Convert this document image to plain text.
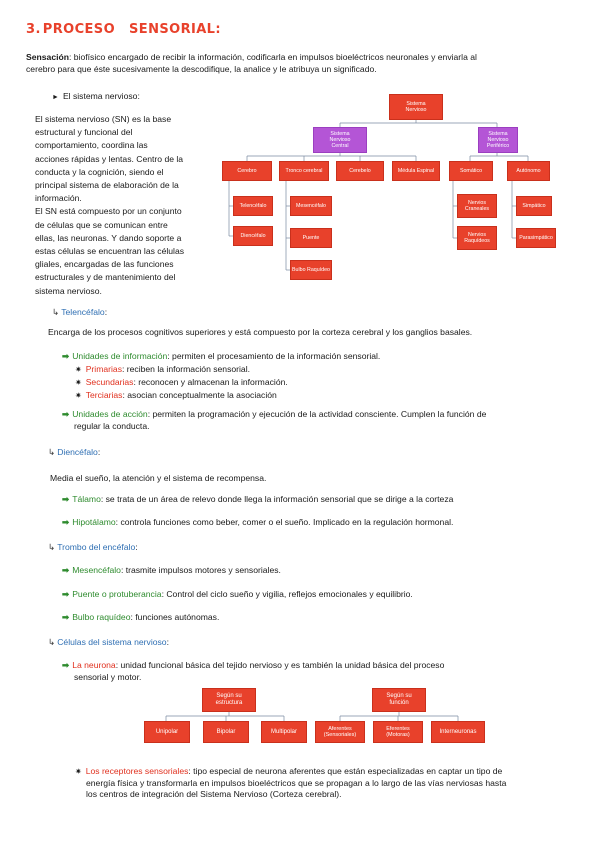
3. PROCESO SENSORIAL:
Sensación: biofísico encargado de recibir la información, codificarla en impulsos bioeléctricos neuronales y enviarla al
cerebro para que éste sucesivamente la descodifique, la analice y le atribuya un significado.
► El sistema nervioso:
El sistema nervioso (SN) es la base
estructural y funcional del
comportamiento, coordina las
acciones rápidas y lentas. Centro de la
conducta y la cognición, siendo el
principal sistema de elaboración de la
información.
El SN está compuesto por un conjunto
de células que se comunican entre
ellas, las neuronas. Y dando soporte a
estas células se encuentran las células
gliales, encargadas de las funciones
estructurales y de mantenimiento del
sistema nervioso.
Sistema
Nervioso
Sistema
Nervioso
Central
Sistema
Nervioso
Periférico
Cerebro	Tronco cerebral	Cerebelo	Médula Espinal	Somático	Autónomo
Telencéfalo
Diencéfalo
Mesencéfalo
Puente
Bulbo Raquídeo
Nervios
Craneales
Nervios
Raquídeos
Simpático
Parasimpático
↳ Telencéfalo:
Encarga de los procesos cognitivos superiores y está compuesto por la corteza cerebral y los ganglios basales.
➡ Unidades de información: permiten el procesamiento de la información sensorial.
✷ Primarias: reciben la información sensorial.
✷ Secundarias: reconocen y almacenan la información.
✷ Terciarias: asocian conceptualmente la asociación
➡ Unidades de acción: permiten la programación y ejecución de la actividad consciente. Cumplen la función de
regular la conducta.
↳ Diencéfalo:
Media el sueño, la atención y el sistema de recompensa.
➡ Tálamo: se trata de un área de relevo donde llega la información sensorial que se dirige a la corteza
➡ Hipotálamo: controla funciones como beber, comer o el sueño. Implicado en la regulación hormonal.
↳ Trombo del encéfalo:
➡ Mesencéfalo: trasmite impulsos motores y sensoriales.
➡ Puente o protuberancia: Control del ciclo sueño y vigilia, reflejos emocionales y equilibrio.
➡ Bulbo raquídeo: funciones autónomas.
↳ Células del sistema nervioso:
➡ La neurona: unidad funcional básica del tejido nervioso y es también la unidad básica del proceso
sensorial y motor.
Según su
estructura
Unipolar	Bipolar	Multipolar
Según su
función
Aferentes
(Sensoriales)
Eferentes
(Motoras)
Interneuronas
✷ Los receptores sensoriales: tipo especial de neurona aferentes que están especializadas en captar un tipo de
energía física y transformarla en impulsos bioeléctricos que se propagan a lo largo de las vías nerviosas hasta
los centros de integración del Sistema Nervioso (Corteza cerebral).
